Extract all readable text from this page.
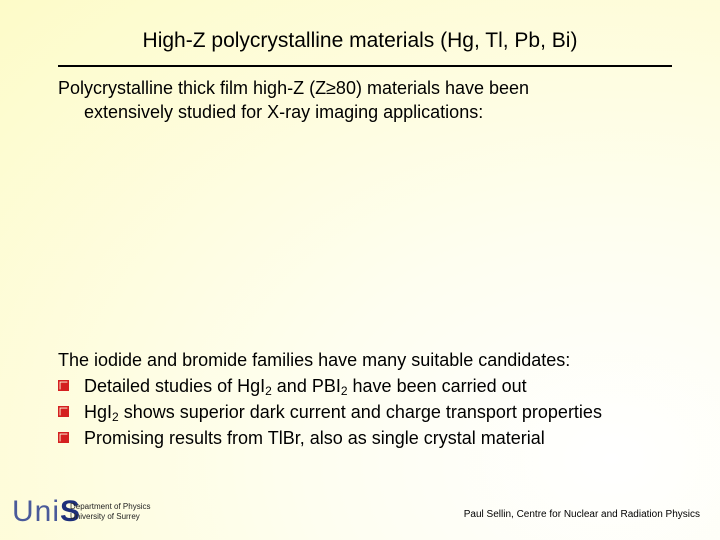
High-Z polycrystalline materials (Hg, Tl, Pb, Bi)
Polycrystalline thick film high-Z (Z≥80) materials have been
extensively studied for X-ray imaging applications:
The iodide and bromide families have many suitable candidates:
Detailed studies of HgI$_2$ and $PBI_2$ have been carried out
HgI$_2$ shows superior dark current and charge transport properties
Promising results from TlBr, also as single crystal material
UniS
Department of Physics
University of Surrey	Paul Sellin, Centre for Nuclear and Radiation Physics
